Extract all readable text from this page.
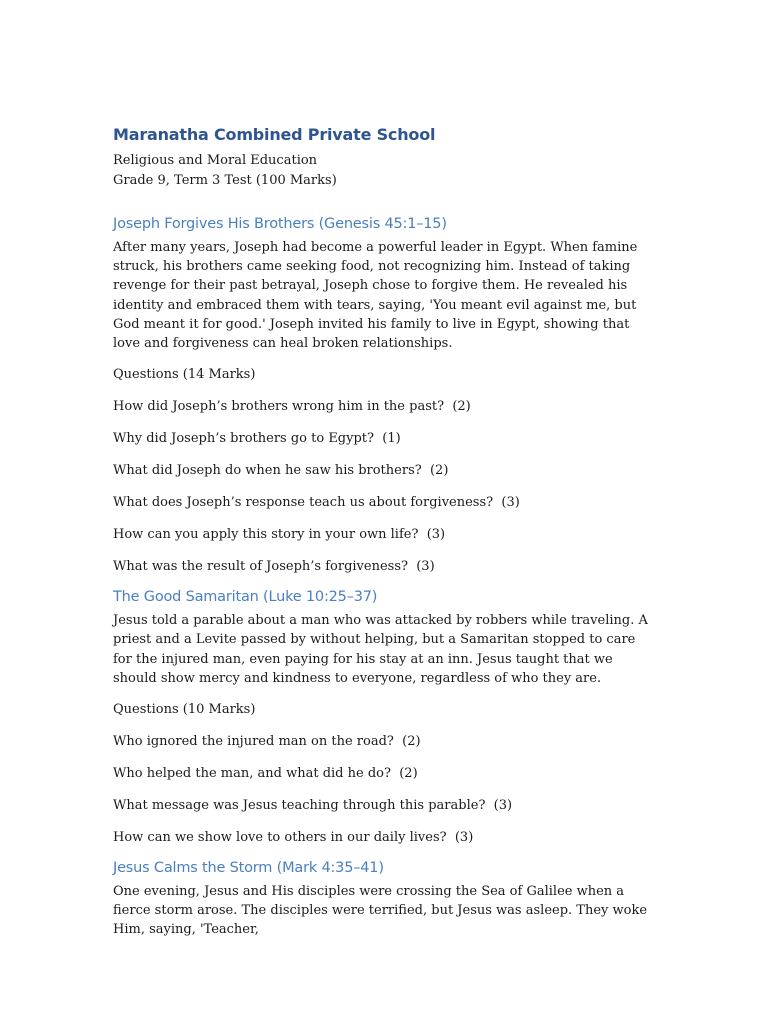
Maranatha Combined Private School

Religious and Moral Education

Grade 9, Term 3 Test (100 Marks)

Joseph Forgives His Brothers (Genesis 45:1–15)

After many years, Joseph had become a powerful leader in Egypt. When famine struck, his brothers came seeking food, not recognizing him. Instead of taking revenge for their past betrayal, Joseph chose to forgive them. He revealed his identity and embraced them with tears, saying, 'You meant evil against me, but God meant it for good.' Joseph invited his family to live in Egypt, showing that love and forgiveness can heal broken relationships.

Questions (14 Marks)

How did Joseph’s brothers wrong him in the past?  (2)

Why did Joseph’s brothers go to Egypt?  (1)

What did Joseph do when he saw his brothers?  (2)

What does Joseph’s response teach us about forgiveness?  (3)

How can you apply this story in your own life?  (3)

What was the result of Joseph’s forgiveness?  (3)

The Good Samaritan (Luke 10:25–37)

Jesus told a parable about a man who was attacked by robbers while traveling. A priest and a Levite passed by without helping, but a Samaritan stopped to care for the injured man, even paying for his stay at an inn. Jesus taught that we should show mercy and kindness to everyone, regardless of who they are.

Questions (10 Marks)

Who ignored the injured man on the road?  (2)

Who helped the man, and what did he do?  (2)

What message was Jesus teaching through this parable?  (3)

How can we show love to others in our daily lives?  (3)

Jesus Calms the Storm (Mark 4:35–41)

One evening, Jesus and His disciples were crossing the Sea of Galilee when a fierce storm arose. The disciples were terrified, but Jesus was asleep. They woke Him, saying, 'Teacher,
